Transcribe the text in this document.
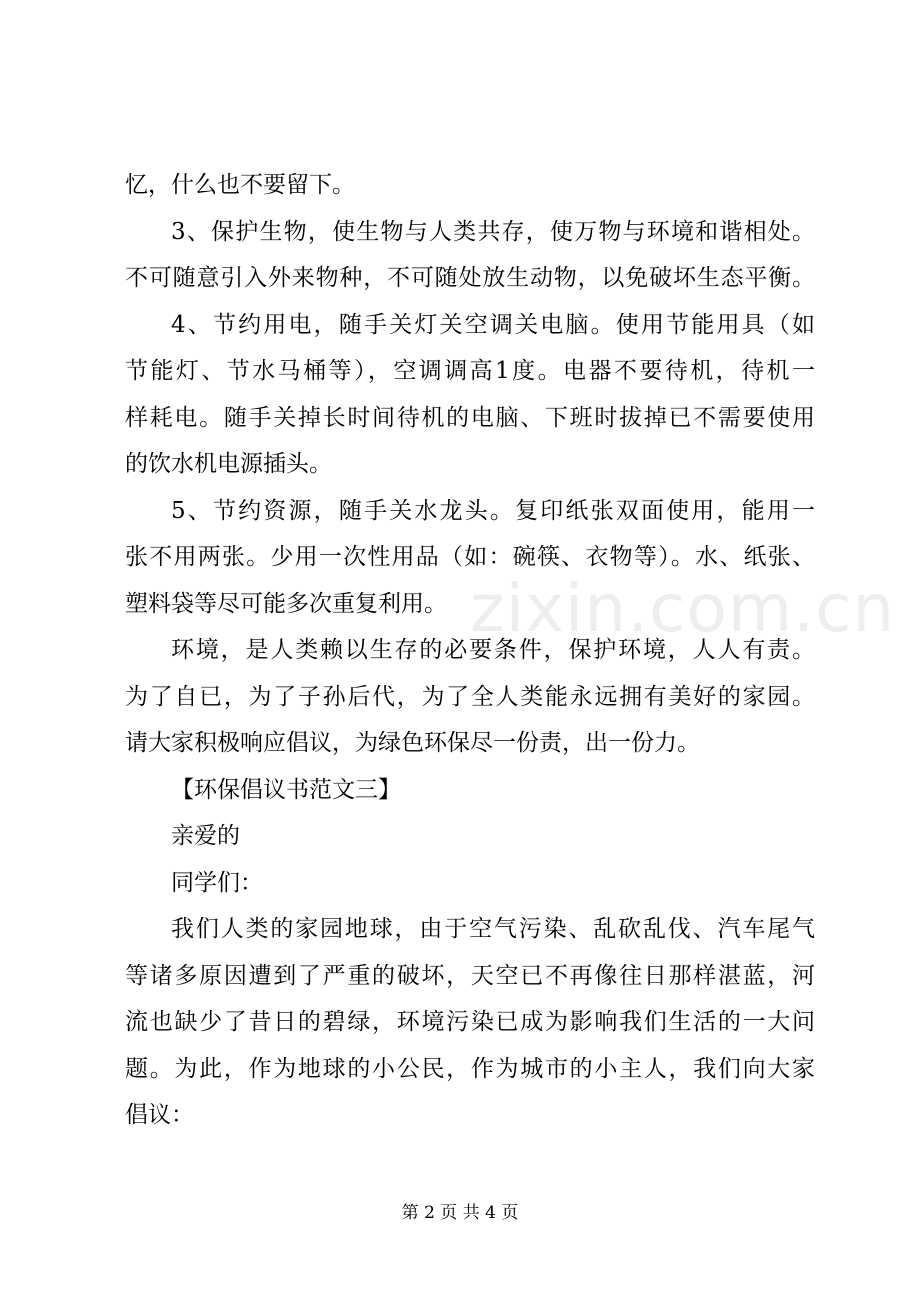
zixin.com.cn
忆，什么也不要留下。
3、保护生物，使生物与人类共存，使万物与环境和谐相处。
不可随意引入外来物种，不可随处放生动物，以免破坏生态平衡。
4、节约用电，随手关灯关空调关电脑。使用节能用具（如
节能灯、节水马桶等），空调调高1度。电器不要待机，待机一
样耗电。随手关掉长时间待机的电脑、下班时拔掉已不需要使用
的饮水机电源插头。
5、节约资源，随手关水龙头。复印纸张双面使用，能用一
张不用两张。少用一次性用品（如：碗筷、衣物等）。水、纸张、
塑料袋等尽可能多次重复利用。
环境，是人类赖以生存的必要条件，保护环境，人人有责。
为了自已，为了子孙后代，为了全人类能永远拥有美好的家园。
请大家积极响应倡议，为绿色环保尽一份责，出一份力。
【环保倡议书范文三】
亲爱的
同学们：
我们人类的家园地球，由于空气污染、乱砍乱伐、汽车尾气
等诸多原因遭到了严重的破坏，天空已不再像往日那样湛蓝，河
流也缺少了昔日的碧绿，环境污染已成为影响我们生活的一大问
题。为此，作为地球的小公民，作为城市的小主人，我们向大家
倡议：
第 2 页 共 4 页
